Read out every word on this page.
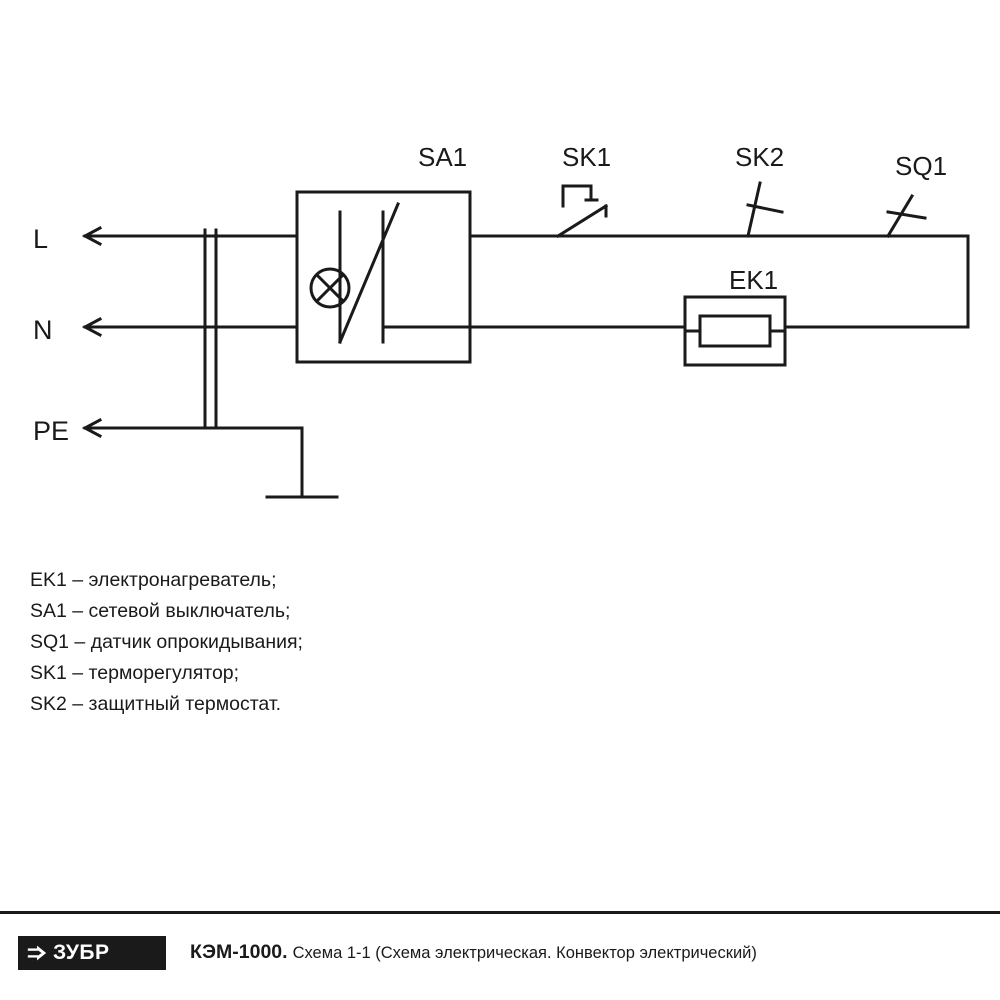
L
N
PE
SA1	SK1	SK2	SQ1
EK1
EK1 – электронагреватель;
SA1 – сетевой выключатель;
SQ1 – датчик опрокидывания;
SK1 – терморегулятор;
SK2 – защитный термостат.
ЗУБР	КЭМ-1000. Схема 1-1 (Схема электрическая. Конвектор электрический)
